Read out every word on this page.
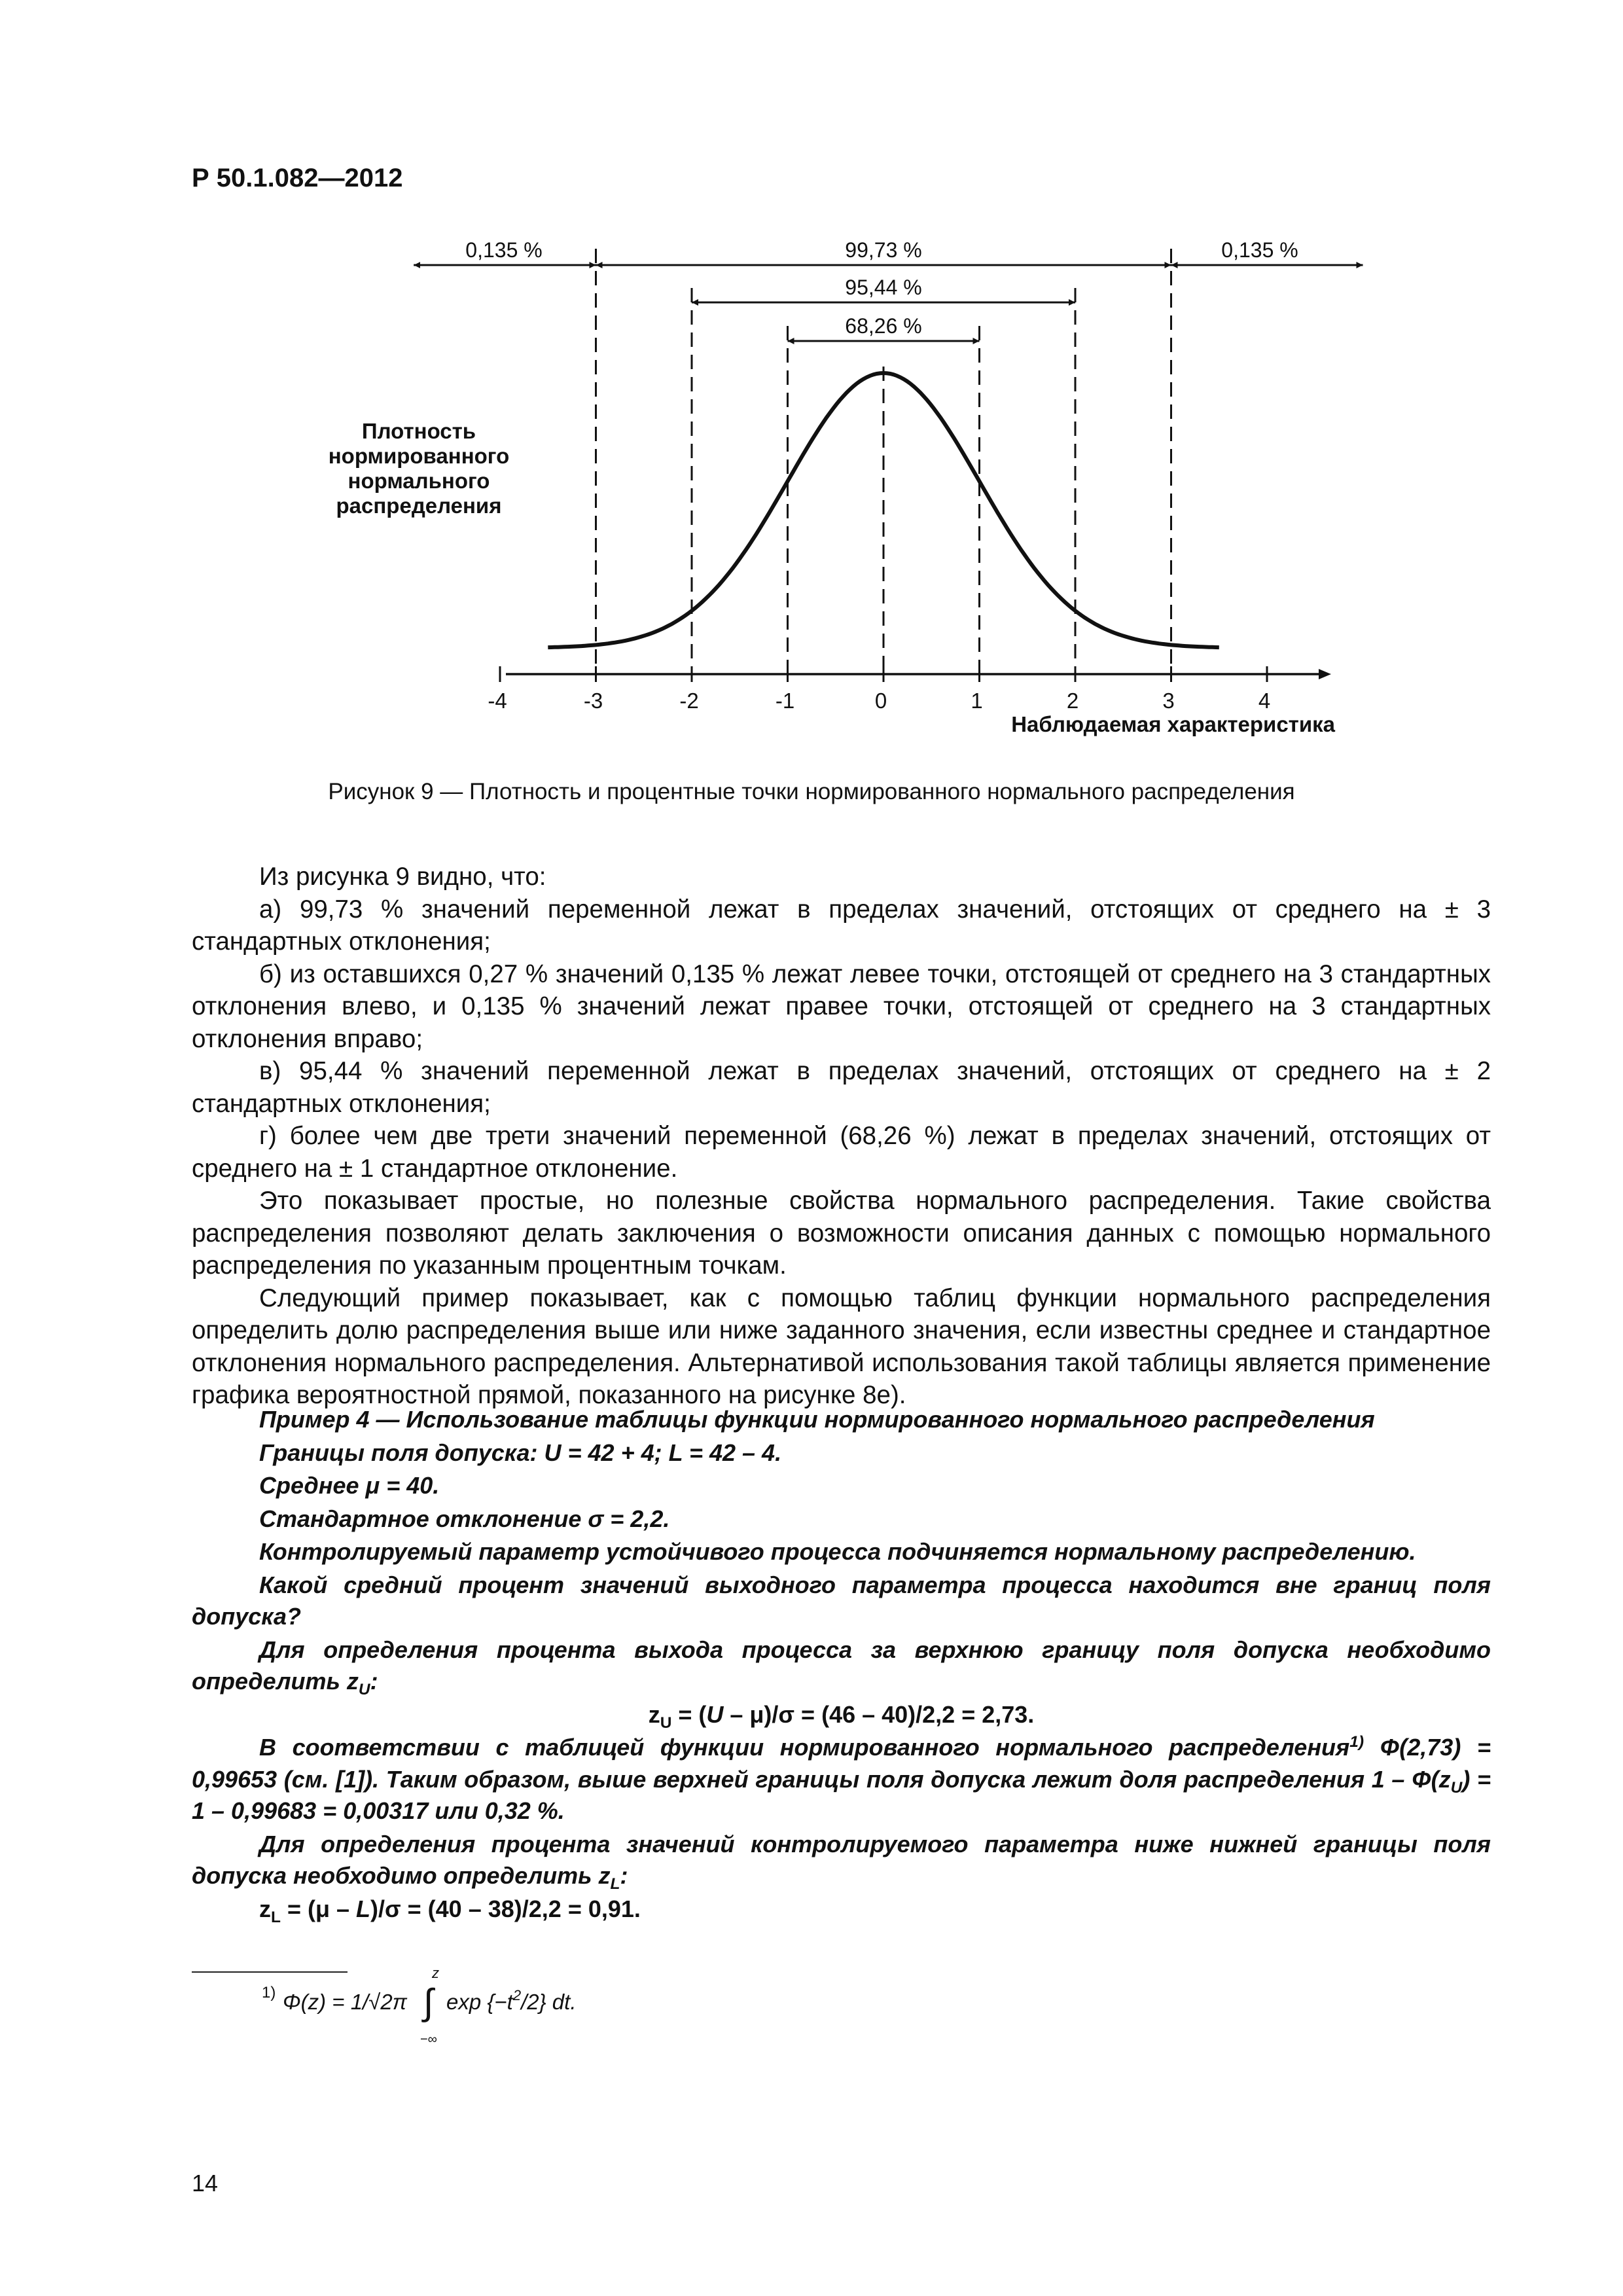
Р 50.1.082—2012
0,135 %	99,73 %	0,135 %
95,44 %
68,26 %
-4	-3	-2	-1	0	1	2	3	4
Плотность
нормированного
нормального
распределения
Наблюдаемая характеристика
Рисунок 9 — Плотность и процентные точки нормированного нормального распределения

Из рисунка 9 видно, что:

а) 99,73 % значений переменной лежат в пределах значений, отстоящих от среднего на ± 3 стандартных отклонения;

б) из оставшихся 0,27 % значений 0,135 % лежат левее точки, отстоящей от среднего на 3 стандартных отклонения влево, и 0,135 % значений лежат правее точки, отстоящей от среднего на 3 стандартных отклонения вправо;

в) 95,44 % значений переменной лежат в пределах значений, отстоящих от среднего на ± 2 стандартных отклонения;

г) более чем две трети значений переменной (68,26 %) лежат в пределах значений, отстоящих от среднего на ± 1 стандартное отклонение.

Это показывает простые, но полезные свойства нормального распределения. Такие свойства распределения позволяют делать заключения о возможности описания данных с помощью нормального распределения по указанным процентным точкам.

Следующий пример показывает, как с помощью таблиц функции нормального распределения определить долю распределения выше или ниже заданного значения, если известны среднее и стандартное отклонения нормального распределения. Альтернативой использования такой таблицы является применение графика вероятностной прямой, показанного на рисунке 8е).

Пример 4 — Использование таблицы функции нормированного нормального распределения

Границы поля допуска: U = 42 + 4; L = 42 – 4.

Среднее μ = 40.

Стандартное отклонение σ = 2,2.

Контролируемый параметр устойчивого процесса подчиняется нормальному распределению.

Какой средний процент значений выходного параметра процесса находится вне границ поля допуска?

Для определения процента выхода процесса за верхнюю границу поля допуска необходимо определить $z_U$:

$z_U = (U - \mu)/\sigma = (46 - 40)/2,2 = 2,73$.

В соответствии с таблицей функции нормированного нормального распределения$^{1)}$ Φ(2,73) = 0,99653 (см. [1]). Таким образом, выше верхней границы поля допуска лежит доля распределения $1 - \Phi(z_U) = 1 - 0,99683 = 0,00317$ или 0,32 %.

Для определения процента значений контролируемого параметра ниже нижней границы поля допуска необходимо определить $z_L$:

$z_L = (\mu - L)/\sigma = (40 - 38)/2,2 = 0,91$.

1) Φ(z) = 1/√2π ∫
z
−∞
$\exp \{-t^2/2\}$ dt.
14
